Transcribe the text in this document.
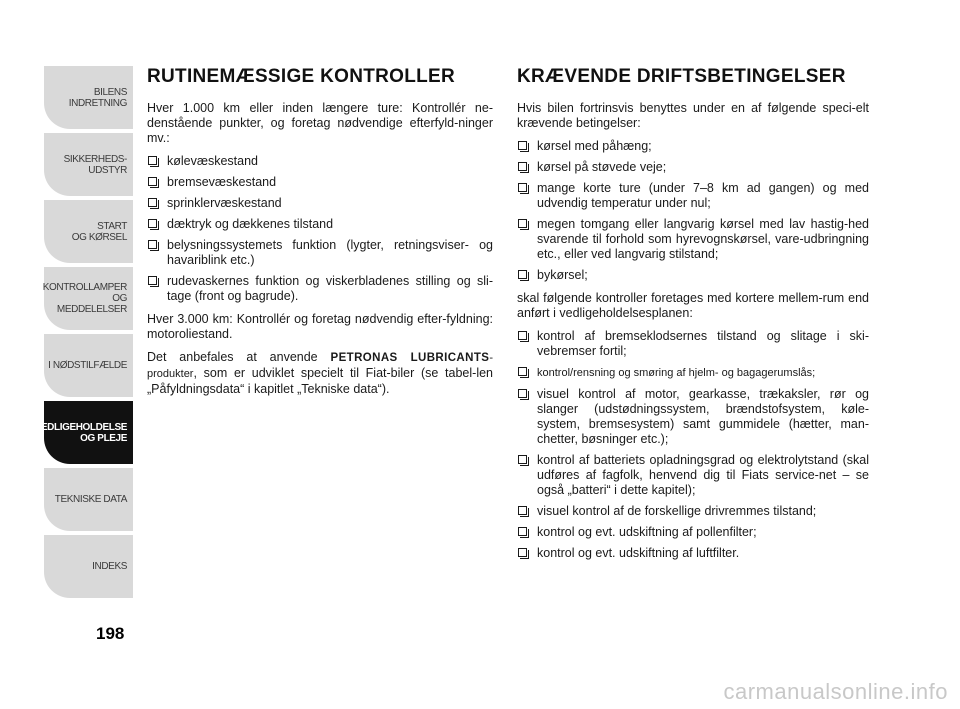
BILENS
INDRETNING
SIKKERHEDS-
UDSTYR
START
OG KØRSEL
KONTROLLAMPER
OG MEDDELELSER
I NØDSTILFÆLDE
VEDLIGEHOLDELSE
OG PLEJE
TEKNISKE DATA
INDEKS
198
RUTINEMÆSSIGE KONTROLLER

Hver 1.000 km eller inden længere ture: Kontrollér ne-denstående punkter, og foretag nødvendige efterfyld-ninger mv.:

kølevæskestand
bremsevæskestand
sprinklervæskestand
dæktryk og dækkenes tilstand
belysningssystemets funktion (lygter, retningsviser- og havariblink etc.)
rudevaskernes funktion og viskerbladenes stilling og sli-tage (front og bagrude).

Hver 3.000 km: Kontrollér og foretag nødvendig efter-fyldning: motoroliestand.

Det anbefales at anvende PETRONAS LUBRICANTS-produkter, som er udviklet specielt til Fiat-biler (se tabel-len „Påfyldningsdata“ i kapitlet „Tekniske data“).

KRÆVENDE DRIFTSBETINGELSER

Hvis bilen fortrinsvis benyttes under en af følgende speci-elt krævende betingelser:

kørsel med påhæng;
kørsel på støvede veje;
mange korte ture (under 7–8 km ad gangen) og med udvendig temperatur under nul;
megen tomgang eller langvarig kørsel med lav hastig-hed svarende til forhold som hyrevognskørsel, vare-udbringning etc., eller ved langvarig stilstand;
bykørsel;

skal følgende kontroller foretages med kortere mellem-rum end anført i vedligeholdelsesplanen:

kontrol af bremseklodsernes tilstand og slitage i ski-vebremser fortil;
kontrol/rensning og smøring af hjelm- og bagagerumslås;
visuel kontrol af motor, gearkasse, trækaksler, rør og slanger (udstødningssystem, brændstofsystem, køle-system, bremsesystem) samt gummidele (hætter, man-chetter, bøsninger etc.);
kontrol af batteriets opladningsgrad og elektrolytstand (skal udføres af fagfolk, henvend dig til Fiats service-net – se også „batteri“ i dette kapitel);
visuel kontrol af de forskellige drivremmes tilstand;
kontrol og evt. udskiftning af pollenfilter;
kontrol og evt. udskiftning af luftfilter.
carmanualsonline.info
